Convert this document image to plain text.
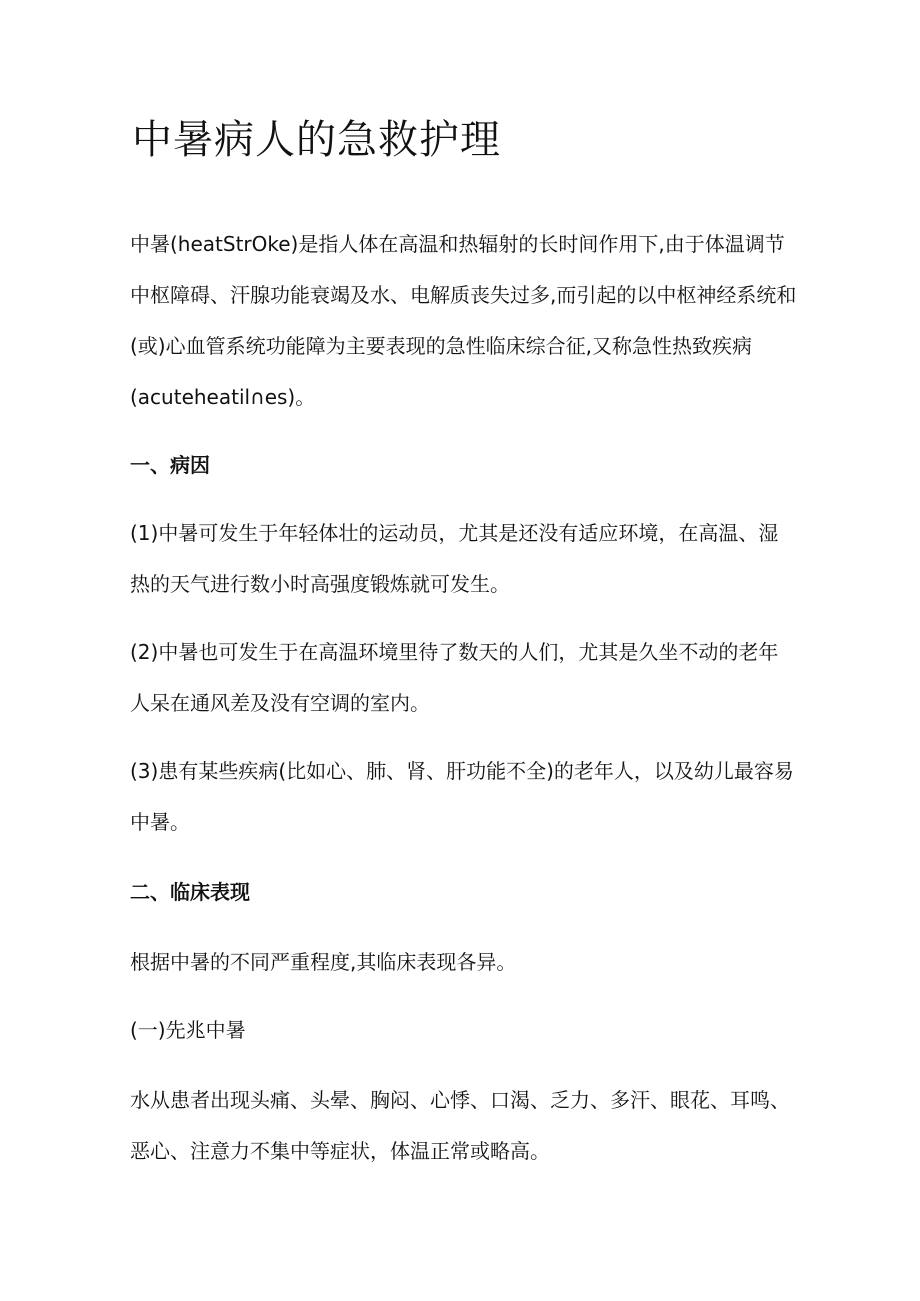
中暑病人的急救护理

中暑(heatStrOke)是指人体在高温和热辐射的长时间作用下,由于体温调节
中枢障碍、汗腺功能衰竭及水、电解质丧失过多,而引起的以中枢神经系统和
(或)心血管系统功能障为主要表现的急性临床综合征,又称急性热致疾病
(acuteheatil∩es)。

一、病因

(1)中暑可发生于年轻体壮的运动员，尤其是还没有适应环境，在高温、湿
热的天气进行数小时高强度锻炼就可发生。

(2)中暑也可发生于在高温环境里待了数天的人们，尤其是久坐不动的老年
人呆在通风差及没有空调的室内。

(3)患有某些疾病(比如心、肺、肾、肝功能不全)的老年人，以及幼儿最容易
中暑。

二、临床表现

根据中暑的不同严重程度,其临床表现各异。

(一)先兆中暑

水从患者出现头痛、头晕、胸闷、心悸、口渴、乏力、多汗、眼花、耳鸣、
恶心、注意力不集中等症状，体温正常或略高。
